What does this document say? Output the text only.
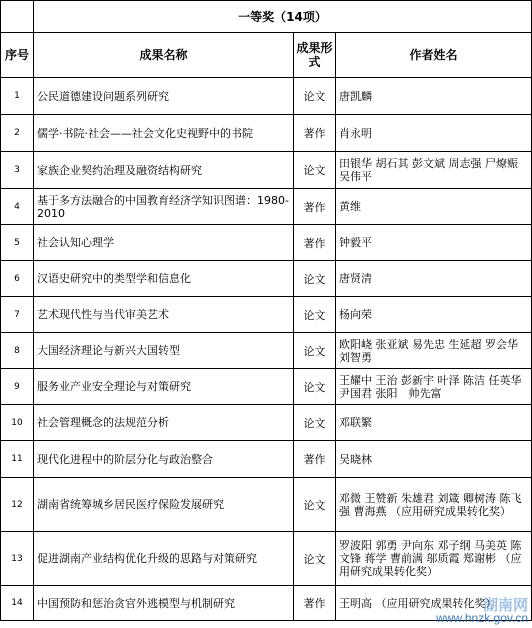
	一等奖（14项）		
序号	成果名称	成果形式	作者姓名
1	公民道德建设问题系列研究	论文	唐凯麟
2	儒学·书院·社会——社会文化史视野中的书院	著作	肖永明
3	家族企业契约治理及融资结构研究	论文	田银华 胡石其 彭文斌 周志强 尸燎赈 吴伟平
4	基于多方法融合的中国教育经济学知识图谱：1980-2010	著作	黄维
5	社会认知心理学	著作	钟毅平
6	汉语史研究中的类型学和信息化	论文	唐贤清
7	艺术现代性与当代审美艺术	论文	杨向荣
8	大国经济理论与新兴大国转型	论文	欧阳峣 张亚斌 易先忠 生延超 罗会华 刘智勇
9	服务业产业安全理论与对策研究	论文	王耀中 王治 彭新宇 叶泽 陈洁 任英华 尹国君 张阳　帅先富
10	社会管理概念的法规范分析	论文	邓联繁
11	现代化进程中的阶层分化与政治整合	著作	吴晓林
12	湖南省统筹城乡居民医疗保险发展研究	论文	邓微 王赞新 朱雄君 刘箴 卿树涛 陈飞强 曹海燕 （应用研究成果转化奖）
13	促进湖南产业结构优化升级的思路与对策研究	论文	罗波阳 郭勇 尹向东 邓子纲 马美英 陈文锋 蒋学 曹前满 邬质霞 郑谢彬 （应用研究成果转化奖）
14	中国预防和惩治贪官外逃模型与机制研究	著作	王明高 （应用研究成果转化奖）
湖南网
www.hnzk.gov.cn
